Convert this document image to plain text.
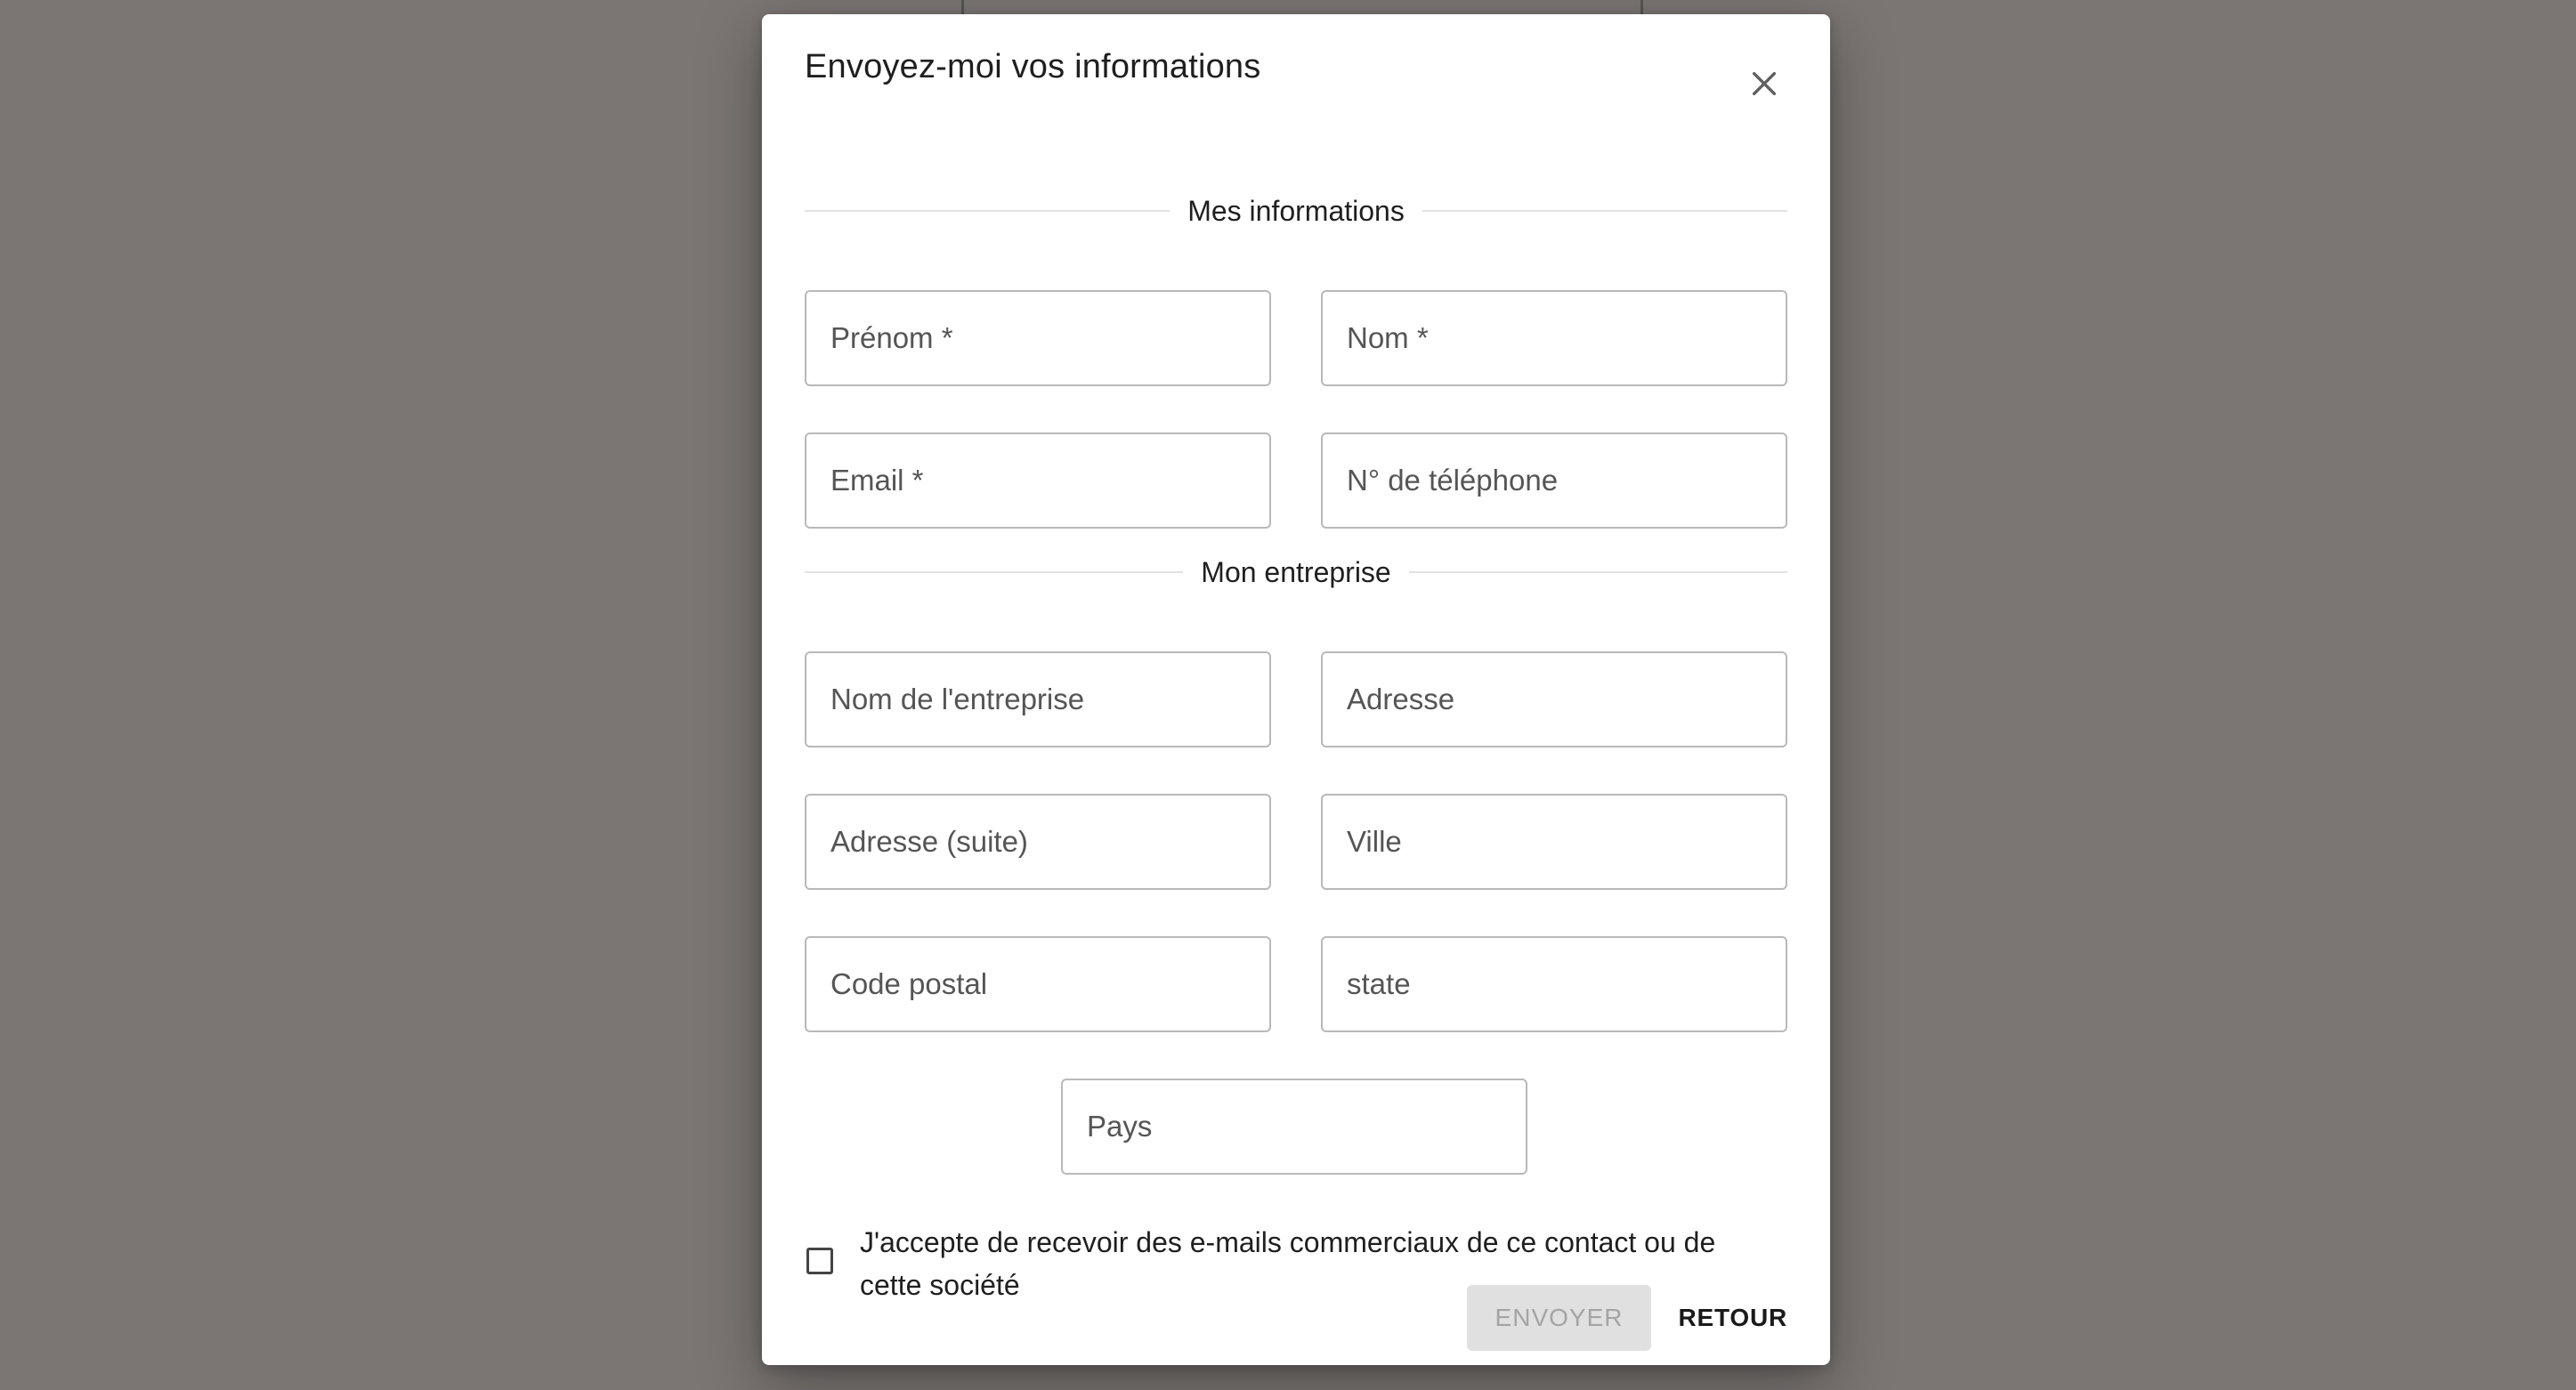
Envoyez-moi vos informations
Mes informations
Prénom *
Nom *
Email *
N° de téléphone
Mon entreprise
Nom de l'entreprise
Adresse
Adresse (suite)
Ville
Code postal
state
Pays
J'accepte de recevoir des e-mails commerciaux de ce contact ou de cette société
ENVOYER	RETOUR
